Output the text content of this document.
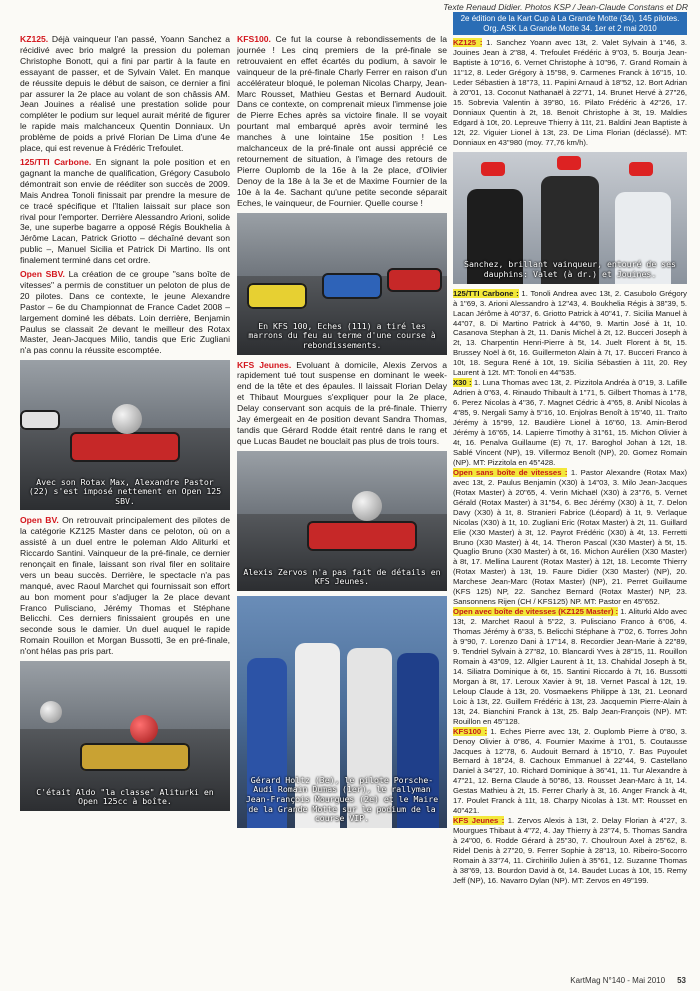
Texte Renaud Didier. Photos KSP / Jean-Claude Constans et DR

KZ125. Déjà vainqueur l'an passé, Yoann Sanchez a récidivé avec brio malgré la pression du poleman Christophe Bonott, qui a fini par partir à la faute en essayant de passer, et de Sylvain Valet. En manque de réussite depuis le début de saison, ce dernier a fini par assurer la 2e place au volant de son châssis AM. Jean Jouines a réalisé une prestation solide pour compléter le podium sur lequel aurait mérité de figurer le rapide mais malchanceux Quentin Donniaux. Un problème de poids a privé Florian De Lima d'une 4e place, qui est revenue à Frédéric Trefoulet.

125/TTI Carbone. En signant la pole position et en gagnant la manche de qualification, Grégory Casubolo démontrait son envie de rééditer son succès de 2009. Mais Andrea Tonoli finissait par prendre la mesure de ce tracé spécifique et l'Italien laissait sur place son rival pour l'emporter. Derrière Alessandro Arioni, solide 3e, une superbe bagarre a opposé Régis Boukhelia à Jérôme Lacan, Patrick Griotto – déchaîné devant son public –, Manuel Sicilia et Patrick Di Martino. Ils ont finalement terminé dans cet ordre.

Open SBV. La création de ce groupe "sans boîte de vitesses" a permis de constituer un peloton de plus de 20 pilotes. Dans ce contexte, le jeune Alexandre Pastor – 6e du Championnat de France Cadet 2008 – largement dominé les débats. Loin derrière, Benjamin Paulus se classait 2e devant le meilleur des Rotax Master, Jean-Jacques Milio, tandis que Eric Zugliani n'a pas connu la réussite escomptée.

Avec son Rotax Max, Alexandre Pastor (22) s'est imposé nettement en Open 125 SBV.

Open BV. On retrouvait principalement des pilotes de la catégorie KZ125 Master dans ce peloton, où on a assisté à un duel entre le poleman Aldo Aliturki et Riccardo Santini. Vainqueur de la pré-finale, ce dernier renonçait en finale, laissant son rival filer en solitaire vers un beau succès. Derrière, le spectacle n'a pas manqué, avec Raoul Marchet qui fournissait son effort au bon moment pour s'adjuger la 2e place devant Franco Pulisciano, Jérémy Thomas et Stéphane Belicchi. Ces derniers finissaient groupés en une seconde sous le damier. Un duel auquel le rapide Romain Rouillon et Morgan Bussotti, 3e en pré-finale, n'ont hélas pas pris part.

C'était Aldo "la classe" Aliturki en Open 125cc à boîte.

KFS100. Ce fut la course à rebondissements de la journée ! Les cinq premiers de la pré-finale se retrouvaient en effet écartés du podium, à savoir le vainqueur de la pré-finale Charly Ferrer en raison d'un accélérateur bloqué, le poleman Nicolas Charpy, Jean-Marc Rousset, Mathieu Gestas et Bernard Audouit. Dans ce contexte, on comprenait mieux l'immense joie de Pierre Eches après sa victoire finale. Il se voyait pourtant mal embarqué après avoir terminé les manches à une lointaine 15e position ! Les malchanceux de la pré-finale ont aussi apprécié ce retournement de situation, à l'image des retours de Pierre Ouplomb de la 16e à la 2e place, d'Olivier Denoy de la 18e à la 3e et de Maxime Fournier de la 10e à la 4e. Sachant qu'une petite seconde séparait Eches, le vainqueur, de Fournier. Quelle course !

En KFS 100, Eches (111) a tiré les marrons du feu au terme d'une course à rebondissements.

KFS Jeunes. Evoluant à domicile, Alexis Zervos a rapidement tué tout suspense en dominant le week-end de la tête et des épaules. Il laissait Florian Delay et Thibaut Mourgues s'expliquer pour la 2e place, Delay conservant son acquis de la pré-finale. Thierry Jay émergeait en 4e position devant Sandra Thomas, tandis que Gérard Rodde était rentré dans le rang et que Lucas Baudet ne bouclait pas plus de trois tours.

Alexis Zervos n'a pas fait de détails en KFS Jeunes.
Gérard Holtz (3e), le pilote Porsche-Audi Romain Dumas (1er), le rallyman Jean-François Mourgues (2e) et le Maire de la Grande Motte sur le podium de la course VIP.
2e édition de la Kart Cup à La Grande Motte (34), 145 pilotes. Org. ASK La Grande Motte 34. 1er et 2 mai 2010
KZ125 : 1. Sanchez Yoann avec 13t, 2. Valet Sylvain à 1"46, 3. Jouines Jean à 2"88, 4. Trefoulet Frédéric à 9"03, 5. Bourja Jean-Baptiste à 10"16, 6. Vernet Christophe à 10"96, 7. Grand Romain à 11"12, 8. Leder Grégory à 15"98, 9. Carmenes Franck à 16"15, 10. Leder Sébastien à 18"73, 11. Papini Arnaud à 18"52, 12. Bort Adrian à 20"01, 13. Coconut Nathanaël à 22"71, 14. Brunet Hervé à 27"26, 15. Sobrevia Valentin à 39"80, 16. Pilato Frédéric à 42"26, 17. Donniaux Quentin à 2t, 18. Benoit Christophe à 3t, 19. Maldies Edgard à 10t, 20. Lepreuve Thierry à 11t, 21. Baldini Jean Baptiste à 12t, 22. Viguier Lionel à 13t, 23. De Lima Florian (déclassé). MT: Donniaux en 43"980 (moy. 77,76 km/h).
Sanchez, brillant vainqueur, entouré de ses dauphins: Valet (à dr.) et Jouines.
125/TTI Carbone : 1. Tonoli Andrea avec 13t, 2. Casubolo Grégory à 1"69, 3. Arioni Alessandro à 12"43, 4. Boukhelia Régis à 38"39, 5. Lacan Jérôme à 40"37, 6. Griotto Patrick à 40"41, 7. Sicilia Manuel à 44"07, 8. Di Martino Patrick à 44"60, 9. Martin José à 1t, 10. Casanova Stephan à 2t, 11. Danis Michel à 2t, 12. Bucceri Joseph à 2t, 13. Charpentin Henri-Pierre à 5t, 14. Juelt Florent à 5t, 15. Brussey Noël à 6t, 16. Guillermeton Alain à 7t, 17. Bucceri Franco à 10t, 18. Segura René à 10t, 19. Sicilia Sébastien à 11t, 20. Rey Laurent à 12t. MT: Tonoli en 44"535.
X30 : 1. Luna Thomas avec 13t, 2. Pizzitola Andréa à 0"19, 3. Lafille Adrien à 0"63, 4. Rinaudo Thibault à 1"71, 5. Gilbert Thomas à 1"78, 6. Perez Nicolas à 4"36, 7. Magnet Cédric à 4"65, 8. Anibl Nicolas à 4"85, 9. Nergali Samy à 5"16, 10. Enjolras Benoît à 15"40, 11. Traïto Jérémy à 15"99, 12. Baudière Lionel à 16"60, 13. Amin-Berod Jérémy à 16"65, 14. Lapierre Timothy à 31"61, 15. Michon Olivier à 4t, 16. Penalva Guillaume (E) 7t, 17. Baroghol Johan à 12t, 18. Sablé Vincent (NP), 19. Villermoz Benoît (NP), 20. Gomez Romain (NP). MT: Pizzitola en 45"428.
Open sans boîte de vitesses : 1. Pastor Alexandre (Rotax Max) avec 13t, 2. Paulus Benjamin (X30) à 14"03, 3. Milo Jean-Jacques (Rotax Master) à 20"65, 4. Verin Michaël (X30) à 23"76, 5. Vernet Gérald (Rotax Master) à 31"54, 6. Bec Jérémy (X30) à 1t, 7. Delon Davy (X30) à 1t, 8. Stranieri Fabrice (Léopard) à 1t, 9. Verlaque Nicolas (X30) à 1t, 10. Zugliani Eric (Rotax Master) à 2t, 11. Guillard Elie (X30 Master) à 3t, 12. Payrot Frédéric (X30) à 4t, 13. Ferretti Bruno (X30 Master) à 4t, 14. Theron Pascal (X30 Master) à 5t, 15. Quaglio Bruno (X30 Master) à 6t, 16. Michon Aurélien (X30 Master) à 8t, 17. Mellina Laurent (Rotax Master) à 12t, 18. Lecomte Thierry (Rotax Master) à 13t, 19. Faure Didier (X30 Master) (NP), 20. Marchese Jean-Marc (Rotax Master) (NP), 21. Perret Guillaume (KFS 125) NP, 22. Sanchez Bernard (Rotax Master) NP, 23. Sansonnens Rijen (CH / KFS125) NP. MT: Pastor en 45"652.
Open avec boîte de vitesses (KZ125 Master) : 1. Aliturki Aldo avec 13t, 2. Marchet Raoul à 5"22, 3. Pulisciano Franco à 6"06, 4. Thomas Jérémy à 6"33, 5. Belicchi Stéphane à 7"02, 6. Torres John à 9"90, 7. Lorenzo Dani à 17"14, 8. Recordier Jean-Marie à 22"89, 9. Tendriel Sylvain à 27"82, 10. Blancardi Yves à 28"15, 11. Rouillon Romain à 43"09, 12. Allgier Laurent à 1t, 13. Chahidal Joseph à 5t, 14. Siliatra Dominique à 6t, 15. Santini Riccardo à 7t, 16. Bussotti Morgan à 8t, 17. Leroux Xavier à 9t, 18. Vernet Pascal à 12t, 19. Leloup Claude à 13t, 20. Vosmaekens Philippe à 13t, 21. Leonard Loic à 13t, 22. Guillem Frédéric à 13t, 23. Jacquemin Pierre-Alain à 13t, 24. Bianchini Franck à 13t, 25. Balp Jean-François (NP). MT: Rouillon en 45"128.
KFS100 : 1. Eches Pierre avec 13t, 2. Ouplomb Pierre à 0"80, 3. Denoy Olivier à 0"86, 4. Fournier Maxime à 1"01, 5. Coutausse Jacques à 12"78, 6. Audouit Bernard à 15"10, 7. Bas Puyoulet Bernard à 18"24, 8. Cachoux Emmanuel à 22"44, 9. Castellano Daniel à 34"27, 10. Richard Dominique à 36"41, 11. Tur Alexandre à 47"21, 12. Berna Claude à 50"86, 13. Rousset Jean-Marc à 1t, 14. Gestas Mathieu à 2t, 15. Ferrer Charly à 3t, 16. Anger Franck à 4t, 17. Poulet Franck à 11t, 18. Charpy Nicolas à 13t. MT: Rousset en 40"421.
KFS Jeunes : 1. Zervos Alexis à 13t, 2. Delay Florian à 4"27, 3. Mourgues Thibaut à 4"72, 4. Jay Thierry à 23"74, 5. Thomas Sandra à 24"00, 6. Rodde Gérard à 25"30, 7. Choulroun Axel à 25"62, 8. Ridel Denis à 27"20, 9. Ferrer Sophie à 28"13, 10. Ribeiro-Socorro Romain à 33"74, 11. Circhirillo Julien à 35"61, 12. Suzanne Thomas à 38"69, 13. Bourdon David à 6t, 14. Baudet Lucas à 10t, 15. Remy Jeff (NP), 16. Navarro Dylan (NP). MT: Zervos en 49"199.
KartMag N°140 - Mai 2010 53
